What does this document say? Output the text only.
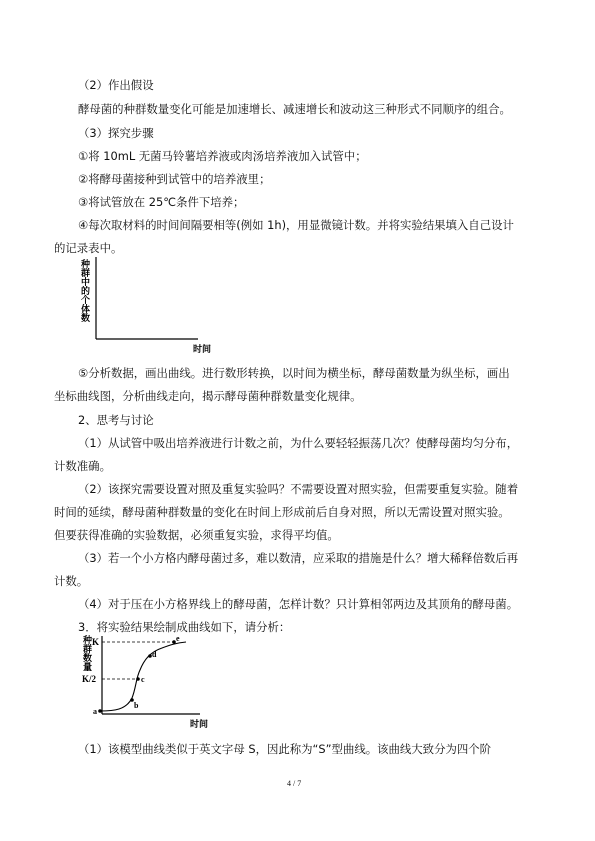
（2）作出假设
酵母菌的种群数量变化可能是加速增长、减速增长和波动这三种形式不同顺序的组合。
（3）探究步骤
①将 10mL 无菌马铃薯培养液或肉汤培养液加入试管中；
②将酵母菌接种到试管中的培养液里；
③将试管放在 25℃条件下培养；
④每次取材料的时间间隔要相等(例如 1h)，用显微镜计数。并将实验结果填入自己设计
的记录表中。
种群中的个体数
时间
⑤分析数据，画出曲线。进行数形转换，以时间为横坐标，酵母菌数量为纵坐标，画出
坐标曲线图，分析曲线走向，揭示酵母菌种群数量变化规律。
2、思考与讨论
（1）从试管中吸出培养液进行计数之前，为什么要轻轻振荡几次？使酵母菌均匀分布，
计数准确。
（2）该探究需要设置对照及重复实验吗？不需要设置对照实验，但需要重复实验。随着
时间的延续，酵母菌种群数量的变化在时间上形成前后自身对照，所以无需设置对照实验。
但要获得准确的实验数据，必须重复实验，求得平均值。
（3）若一个小方格内酵母菌过多，难以数清，应采取的措施是什么？增大稀释倍数后再
计数。
（4）对于压在小方格界线上的酵母菌，怎样计数？只计算相邻两边及其顶角的酵母菌。
3．将实验结果绘制成曲线如下，请分析：
种群数量 K
K/2
a
b
c
d
e
时间
（1）该模型曲线类似于英文字母 S，因此称为“S”型曲线。该曲线大致分为四个阶
4 / 7
